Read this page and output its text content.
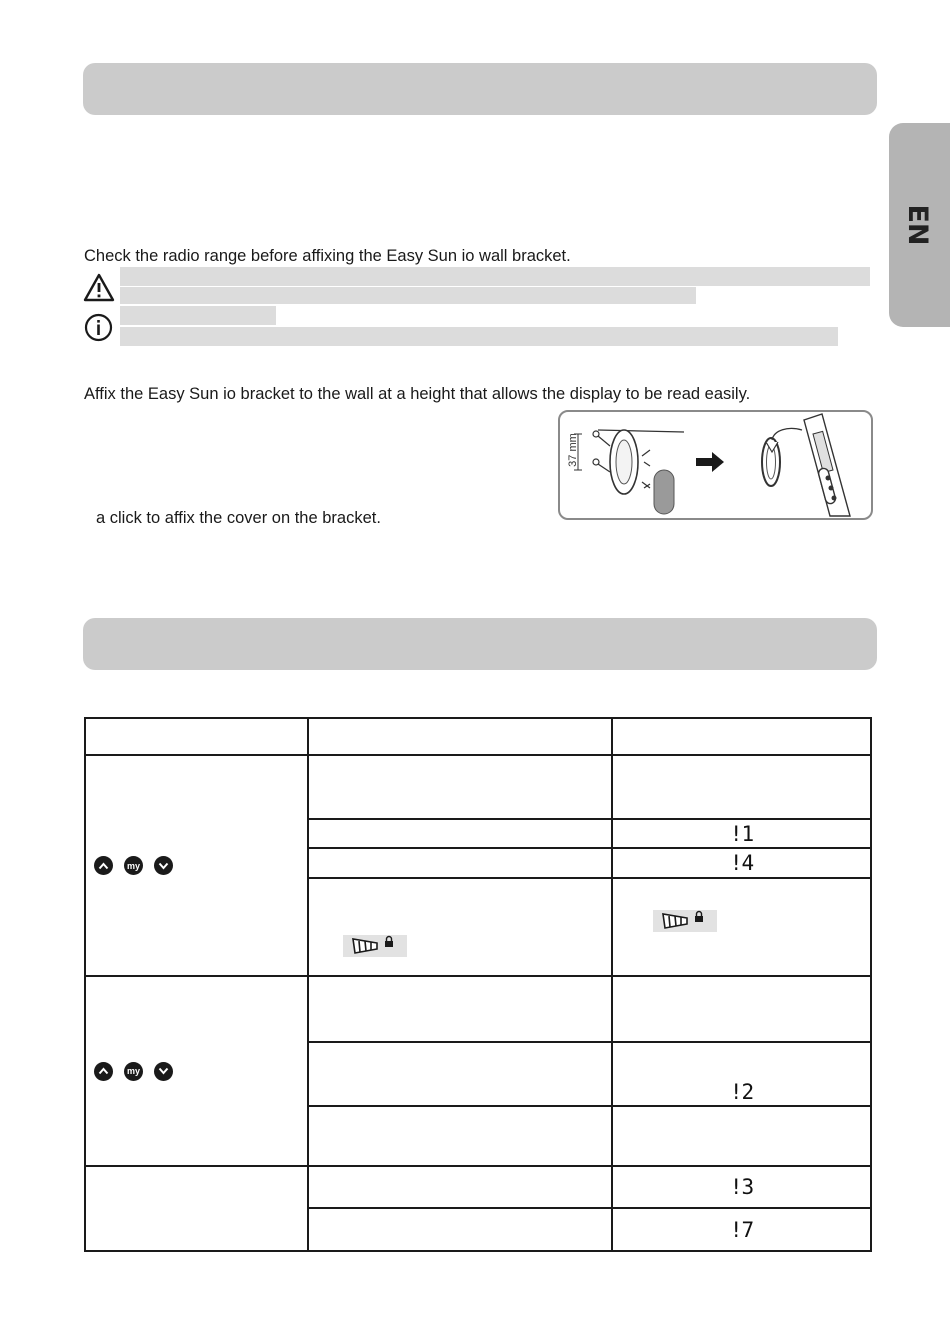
EN
Check the radio range before affixing the Easy Sun io wall bracket.
Affix the Easy Sun io bracket to the wall at a height that allows the display to be read easily.
a click to affix the cover on the bracket.
37 mm

my		

		!1
		!4

my		

		!2

		!3
		!7
